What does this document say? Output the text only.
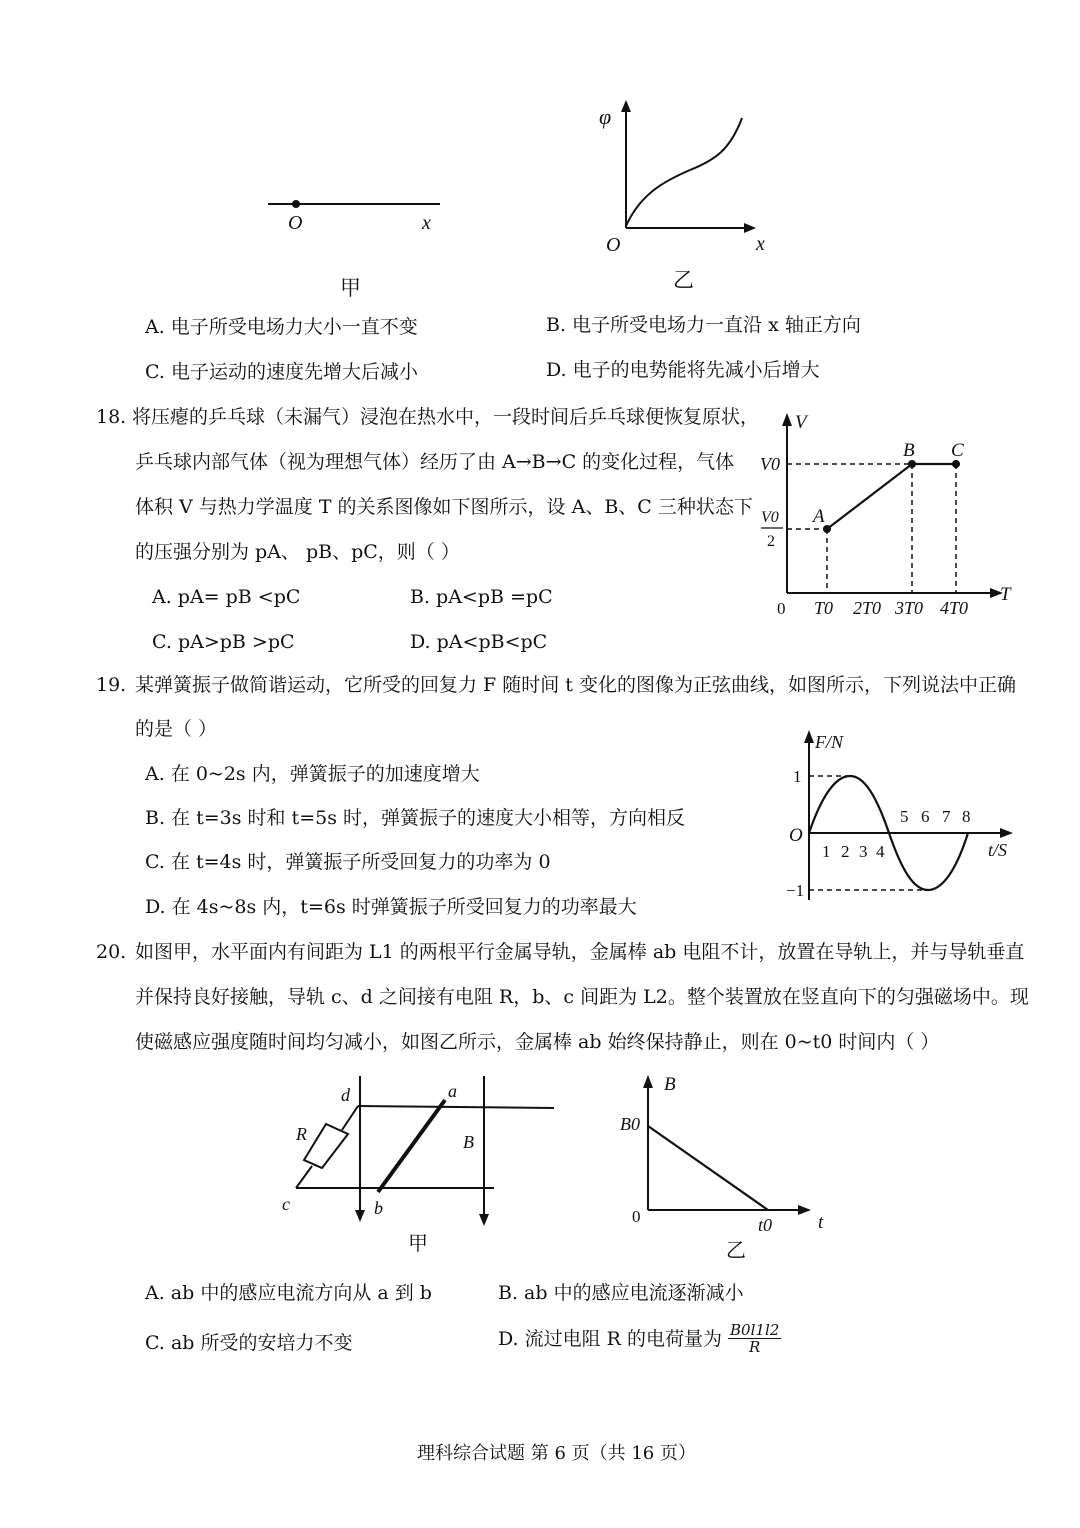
O	x
甲
φ
O	x
乙
A. 电子所受电场力大小一直不变	B. 电子所受电场力一直沿 x 轴正方向
C. 电子运动的速度先增大后减小	D. 电子的电势能将先减小后增大
18. 将压瘪的乒乓球（未漏气）浸泡在热水中，一段时间后乒乓球便恢复原状，
乒乓球内部气体（视为理想气体）经历了由 A→B→C 的变化过程，气体
体积 V 与热力学温度 T 的关系图像如下图所示，设 A、B、C 三种状态下
的压强分别为 pA、 pB、pC，则（ ）
A. pA= pB <pC	B. pA<pB =pC
C. pA>pB >pC	D. pA<pB<pC
A
B C
V
T
0
V0
V0
2
T0 2T0 3T0 4T0
19. 某弹簧振子做简谐运动，它所受的回复力 F 随时间 t 变化的图像为正弦曲线，如图所示，下列说法中正确
的是（ ）
A. 在 0~2s 内，弹簧振子的加速度增大
B. 在 t=3s 时和 t=5s 时，弹簧振子的速度大小相等，方向相反
C. 在 t=4s 时，弹簧振子所受回复力的功率为 0
D. 在 4s~8s 内，t=6s 时弹簧振子所受回复力的功率最大
F/N
t/S
O
1
−1
1 2 3 4
5 6 7 8
20. 如图甲，水平面内有间距为 L1 的两根平行金属导轨，金属棒 ab 电阻不计，放置在导轨上，并与导轨垂直
并保持良好接触，导轨 c、d 之间接有电阻 R，b、c 间距为 L2。整个装置放在竖直向下的匀强磁场中。现
使磁感应强度随时间均匀减小，如图乙所示，金属棒 ab 始终保持静止，则在 0~t0 时间内（ ）
d	a
R	B
c	b
甲
B
t
B0
0	t0
乙
A. ab 中的感应电流方向从 a 到 b	B. ab 中的感应电流逐渐减小
C. ab 所受的安培力不变	D. 流过电阻 R 的电荷量为 $\frac{B0l1l2}{R}$
理科综合试题 第 6 页（共 16 页）
